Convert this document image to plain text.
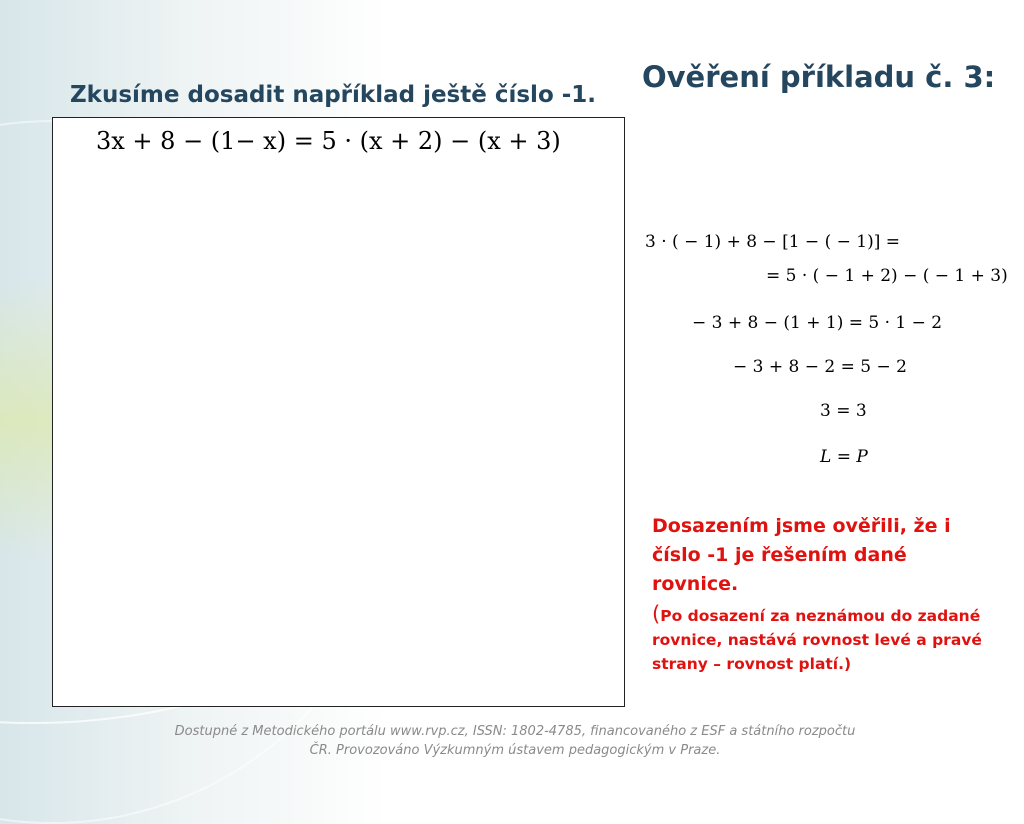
Ověření příkladu č. 3:
Zkusíme dosadit například ještě číslo -1.

3x + 8 − (1− x) = 5 · (x + 2) − (x + 3)

3 · ( − 1) + 8 − [1 − ( − 1)] =

= 5 · ( − 1 + 2) − ( − 1 + 3)

− 3 + 8 − (1 + 1) = 5 · 1 − 2

− 3 + 8 − 2 = 5 − 2

3 = 3

L = P

Dosazením jsme ověřili, že i číslo -1 je řešením dané rovnice.

(Po dosazení za neznámou do zadané rovnice, nastává rovnost levé a pravé strany – rovnost platí.)

Dostupné z Metodického portálu www.rvp.cz, ISSN: 1802-4785, financovaného z ESF a státního rozpočtu
ČR. Provozováno Výzkumným ústavem pedagogickým v Praze.
